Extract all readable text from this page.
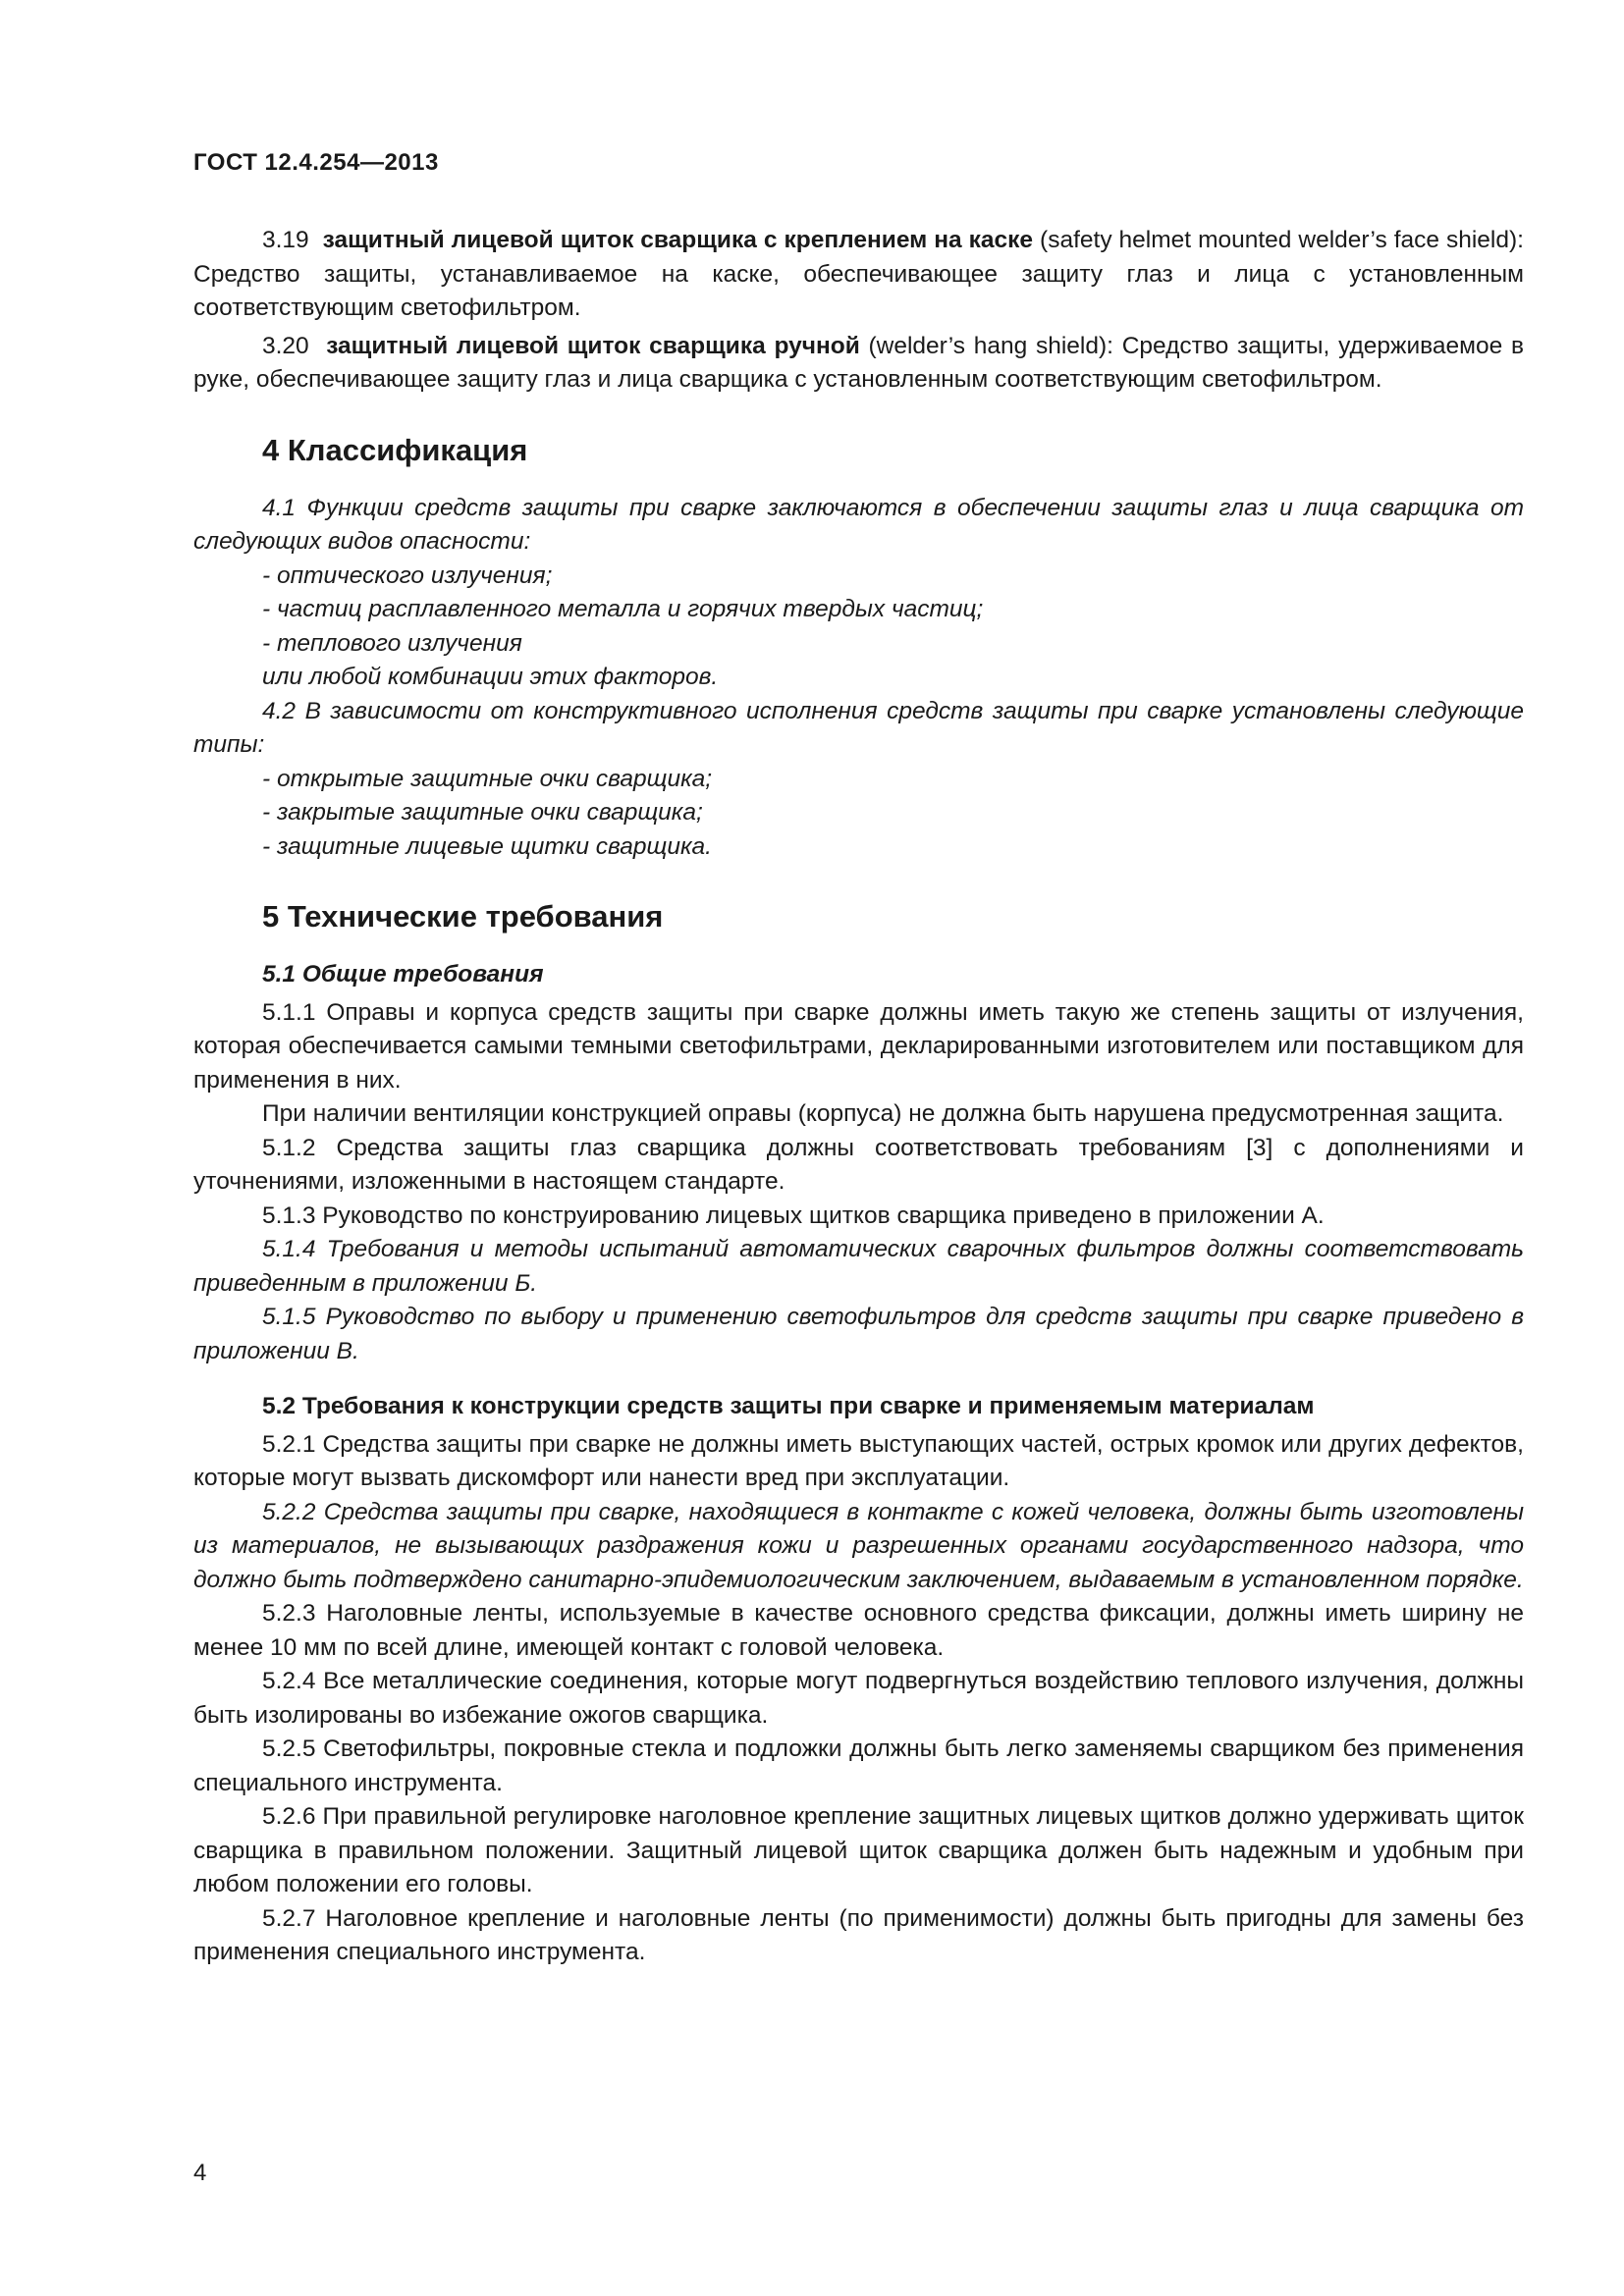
ГОСТ 12.4.254—2013

3.19 защитный лицевой щиток сварщика с креплением на каске (safety helmet mounted welder’s face shield): Средство защиты, устанавливаемое на каске, обеспечивающее защиту глаз и лица с установленным соответствующим светофильтром.

3.20 защитный лицевой щиток сварщика ручной (welder’s hang shield): Средство защиты, удерживаемое в руке, обеспечивающее защиту глаз и лица сварщика с установленным соответствующим светофильтром.

4 Классификация

4.1 Функции средств защиты при сварке заключаются в обеспечении защиты глаз и лица сварщика от следующих видов опасности:

- оптического излучения;

- частиц расплавленного металла и горячих твердых частиц;

- теплового излучения

или любой комбинации этих факторов.

4.2 В зависимости от конструктивного исполнения средств защиты при сварке установлены следующие типы:

- открытые защитные очки сварщика;

- закрытые защитные очки сварщика;

- защитные лицевые щитки сварщика.

5 Технические требования
5.1 Общие требования

5.1.1 Оправы и корпуса средств защиты при сварке должны иметь такую же степень защиты от излучения, которая обеспечивается самыми темными светофильтрами, декларированными изготовителем или поставщиком для применения в них.

При наличии вентиляции конструкцией оправы (корпуса) не должна быть нарушена предусмотренная защита.

5.1.2 Средства защиты глаз сварщика должны соответствовать требованиям [3] с дополнениями и уточнениями, изложенными в настоящем стандарте.

5.1.3 Руководство по конструированию лицевых щитков сварщика приведено в приложении А.

5.1.4 Требования и методы испытаний автоматических сварочных фильтров должны соответствовать приведенным в приложении Б.

5.1.5 Руководство по выбору и применению светофильтров для средств защиты при сварке приведено в приложении В.

5.2 Требования к конструкции средств защиты при сварке и применяемым материалам

5.2.1 Средства защиты при сварке не должны иметь выступающих частей, острых кромок или других дефектов, которые могут вызвать дискомфорт или нанести вред при эксплуатации.

5.2.2 Средства защиты при сварке, находящиеся в контакте с кожей человека, должны быть изготовлены из материалов, не вызывающих раздражения кожи и разрешенных органами государственного надзора, что должно быть подтверждено санитарно-эпидемиологическим заключением, выдаваемым в установленном порядке.

5.2.3 Наголовные ленты, используемые в качестве основного средства фиксации, должны иметь ширину не менее 10 мм по всей длине, имеющей контакт с головой человека.

5.2.4 Все металлические соединения, которые могут подвергнуться воздействию теплового излучения, должны быть изолированы во избежание ожогов сварщика.

5.2.5 Светофильтры, покровные стекла и подложки должны быть легко заменяемы сварщиком без применения специального инструмента.

5.2.6 При правильной регулировке наголовное крепление защитных лицевых щитков должно удерживать щиток сварщика в правильном положении. Защитный лицевой щиток сварщика должен быть надежным и удобным при любом положении его головы.

5.2.7 Наголовное крепление и наголовные ленты (по применимости) должны быть пригодны для замены без применения специального инструмента.

4
